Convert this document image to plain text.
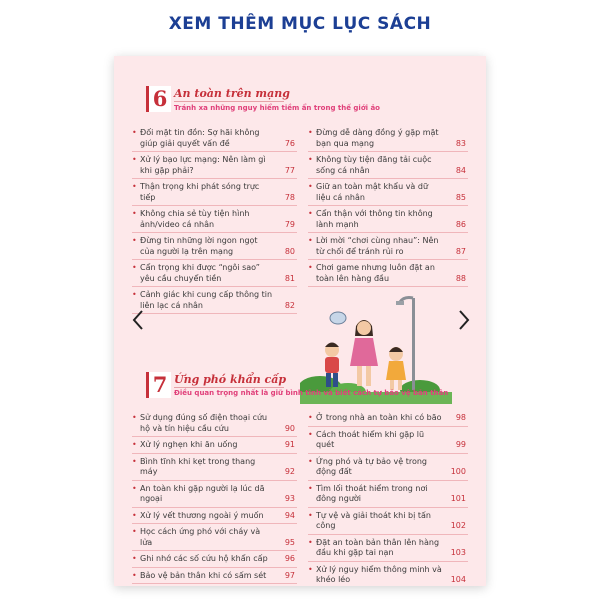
XEM THÊM MỤC LỤC SÁCH
6 An toàn trên mạng
Tránh xa những nguy hiểm tiềm ẩn trong thế giới ảo
• Đối mặt tin đồn: Sợ hãi không giúp giải quyết vấn đề	76
• Xử lý bạo lực mạng: Nên làm gì khi gặp phải?	77
• Thận trọng khi phát sóng trực tiếp	78
• Không chia sẻ tùy tiện hình ảnh/video cá nhân	79
• Đừng tin những lời ngon ngọt của người lạ trên mạng	80
• Cẩn trọng khi được “ngôi sao” yêu cầu chuyển tiền	81
• Cảnh giác khi cung cấp thông tin liên lạc cá nhân	82
• Đừng dễ dàng đồng ý gặp mặt bạn qua mạng	83
• Không tùy tiện đăng tải cuộc sống cá nhân	84
• Giữ an toàn mật khẩu và dữ liệu cá nhân	85
• Cẩn thận với thông tin không lành mạnh	86
• Lời mời “chơi cùng nhau”: Nên từ chối để tránh rủi ro	87
• Chơi game nhưng luôn đặt an toàn lên hàng đầu	88
7 Ứng phó khẩn cấp
Điều quan trọng nhất là giữ bình tĩnh và biết cách tự bảo vệ bản thân
• Sử dụng đúng số điện thoại cứu hộ và tín hiệu cầu cứu	90
• Xử lý nghẹn khi ăn uống	91
• Bình tĩnh khi kẹt trong thang máy	92
• An toàn khi gặp người lạ lúc dã ngoại	93
• Xử lý vết thương ngoài ý muốn	94
• Học cách ứng phó với cháy và lửa	95
• Ghi nhớ các số cứu hộ khẩn cấp 96
• Bảo vệ bản thân khi có sấm sét 97
• Ở trong nhà an toàn khi có bão 98
• Cách thoát hiểm khi gặp lũ quét	99
• Ứng phó và tự bảo vệ trong động đất	100
• Tìm lối thoát hiểm trong nơi đông người	101
• Tự vệ và giải thoát khi bị tấn công	102
• Đặt an toàn bản thân lên hàng đầu khi gặp tai nạn	103
• Xử lý nguy hiểm thông minh và khéo léo	104
